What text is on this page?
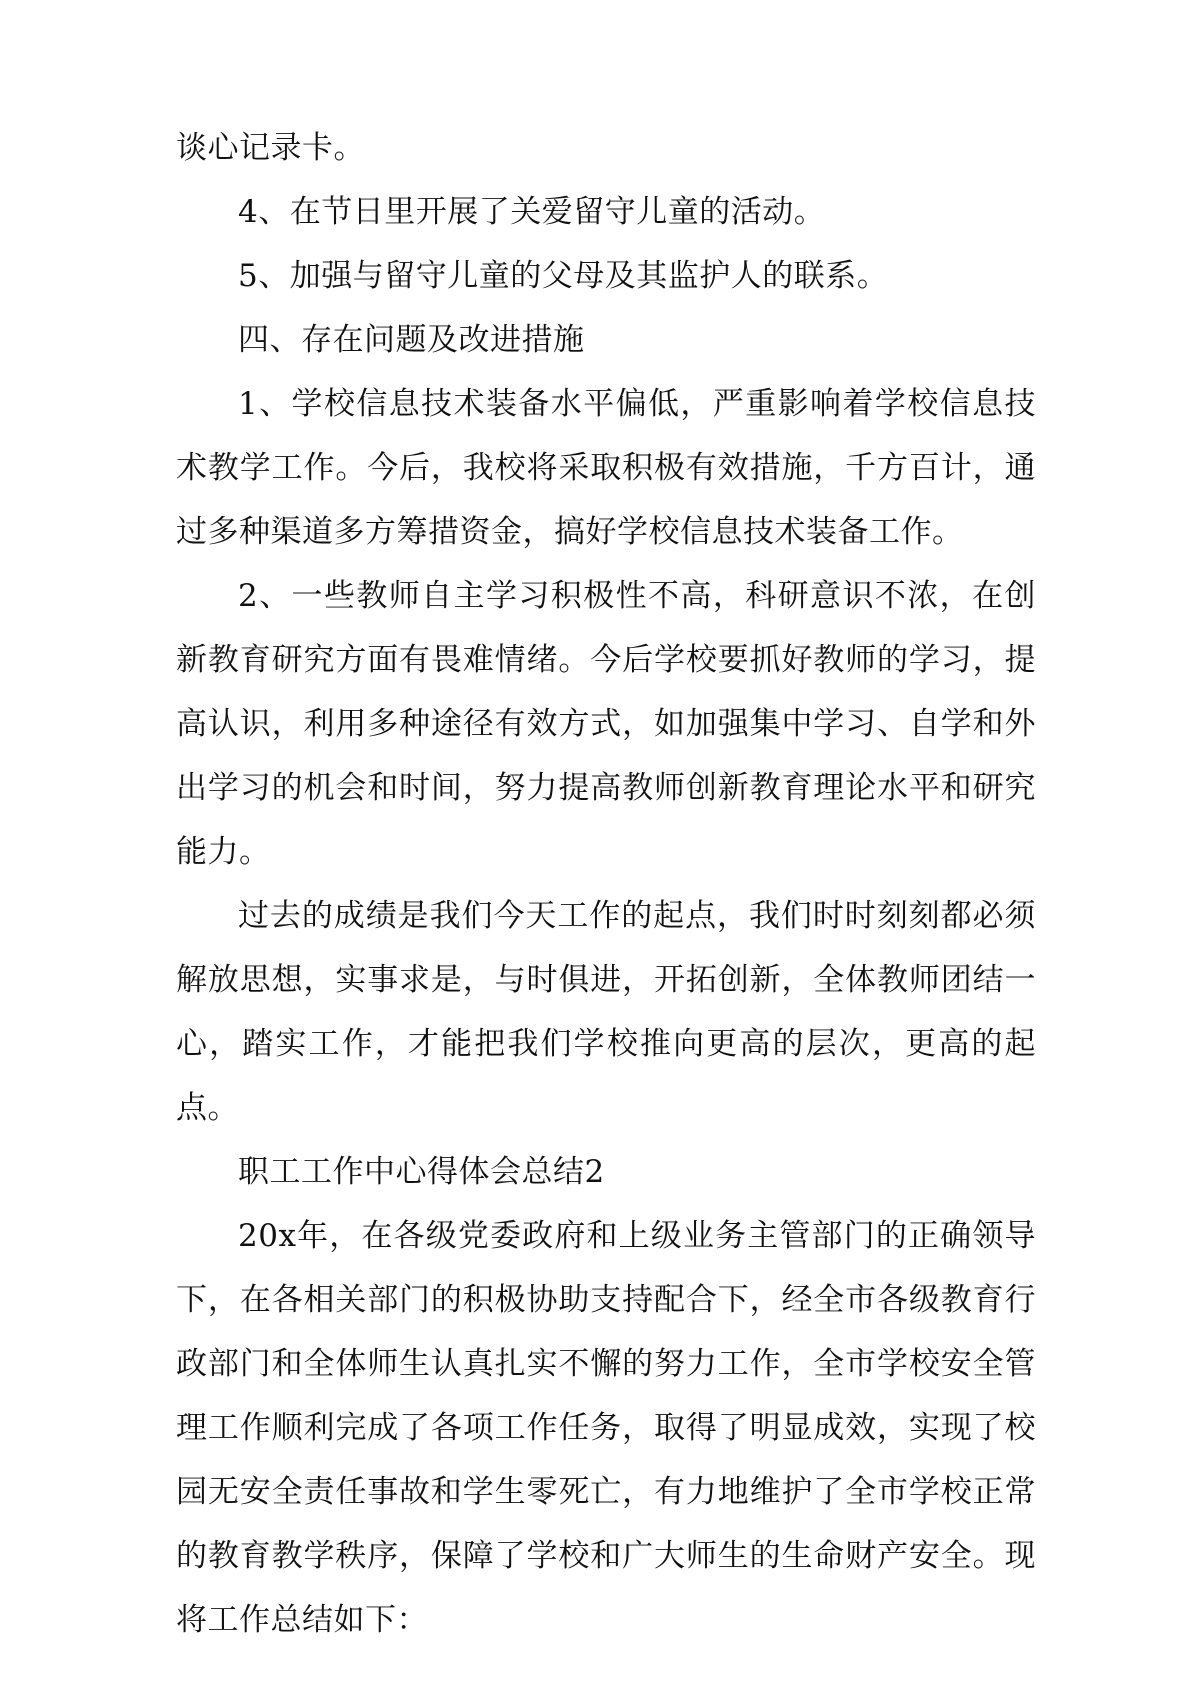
谈心记录卡。

4、在节日里开展了关爱留守儿童的活动。

5、加强与留守儿童的父母及其监护人的联系。

四、存在问题及改进措施

1、学校信息技术装备水平偏低，严重影响着学校信息技术教学工作。今后，我校将采取积极有效措施，千方百计，通过多种渠道多方筹措资金，搞好学校信息技术装备工作。

2、一些教师自主学习积极性不高，科研意识不浓，在创新教育研究方面有畏难情绪。今后学校要抓好教师的学习，提高认识，利用多种途径有效方式，如加强集中学习、自学和外出学习的机会和时间，努力提高教师创新教育理论水平和研究能力。

过去的成绩是我们今天工作的起点，我们时时刻刻都必须解放思想，实事求是，与时俱进，开拓创新，全体教师团结一心，踏实工作，才能把我们学校推向更高的层次，更高的起点。

职工工作中心得体会总结2

20x年，在各级党委政府和上级业务主管部门的正确领导下，在各相关部门的积极协助支持配合下，经全市各级教育行政部门和全体师生认真扎实不懈的努力工作，全市学校安全管理工作顺利完成了各项工作任务，取得了明显成效，实现了校园无安全责任事故和学生零死亡，有力地维护了全市学校正常的教育教学秩序，保障了学校和广大师生的生命财产安全。现将工作总结如下：
